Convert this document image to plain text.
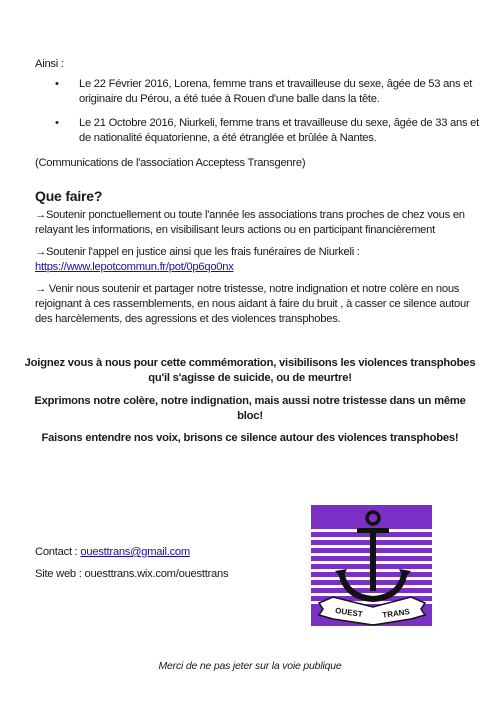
Ainsi :
• Le 22 Février 2016, Lorena, femme trans et travailleuse du sexe, âgée de 53 ans et
originaire du Pérou, a été tuée à Rouen d'une balle dans la tête.
• Le 21 Octobre 2016, Niurkeli, femme trans et travailleuse du sexe, âgée de 33 ans et
de nationalité équatorienne, a été étranglée et brûlée à Nantes.
(Communications de l'association Acceptess Transgenre)
Que faire?
→Soutenir ponctuellement ou toute l'année les associations trans proches de chez vous en
relayant les informations, en visibilisant leurs actions ou en participant financièrement
→Soutenir l'appel en justice ainsi que les frais funéraires de Niurkeli :
https://www.lepotcommun.fr/pot/0p6qo0nx
→ Venir nous soutenir et partager notre tristesse, notre indignation et notre colère en nous
rejoignant à ces rassemblements, en nous aidant à faire du bruit , à casser ce silence autour
des harcèlements, des agressions et des violences transphobes.
Joignez vous à nous pour cette commémoration, visibilisons les violences transphobes
qu'il s'agisse de suicide, ou de meurtre!
Exprimons notre colère, notre indignation, mais aussi notre tristesse dans un même
bloc!
Faisons entendre nos voix, brisons ce silence autour des violences transphobes!
Contact : ouesttrans@gmail.com
Site web : ouesttrans.wix.com/ouesttrans
OUEST TRANS
Merci de ne pas jeter sur la voie publique
